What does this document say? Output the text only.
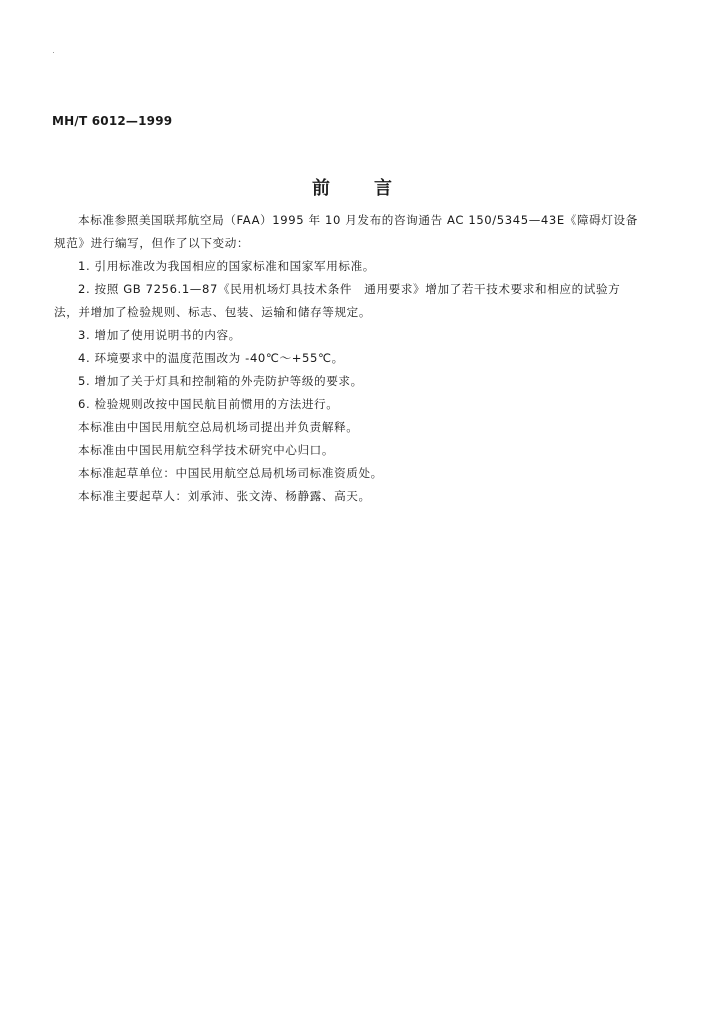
MH/T 6012—1999
前 言
本标准参照美国联邦航空局（FAA）1995 年 10 月发布的咨询通告 AC 150/5345—43E《障碍灯设备
规范》进行编写，但作了以下变动：
1. 引用标准改为我国相应的国家标准和国家军用标准。
2. 按照 GB 7256.1—87《民用机场灯具技术条件　通用要求》增加了若干技术要求和相应的试验方
法，并增加了检验规则、标志、包装、运输和储存等规定。
3. 增加了使用说明书的内容。
4. 环境要求中的温度范围改为 -40℃～+55℃。
5. 增加了关于灯具和控制箱的外壳防护等级的要求。
6. 检验规则改按中国民航目前惯用的方法进行。
本标准由中国民用航空总局机场司提出并负责解释。
本标准由中国民用航空科学技术研究中心归口。
本标准起草单位：中国民用航空总局机场司标准资质处。
本标准主要起草人：刘承沛、张文涛、杨静露、高天。
